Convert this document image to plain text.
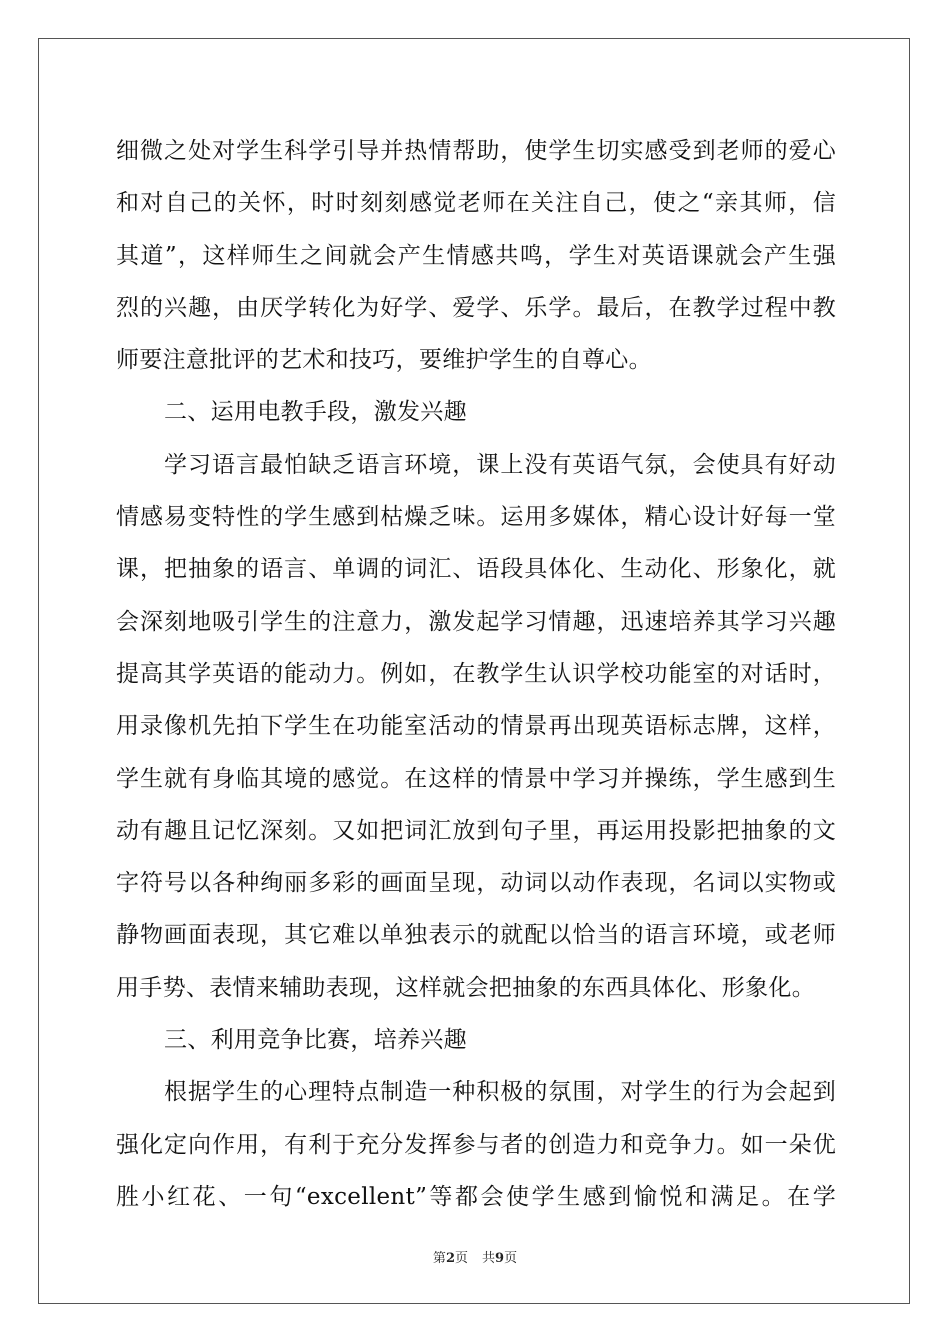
细微之处对学生科学引导并热情帮助，使学生切实感受到老师的爱心
和对自己的关怀，时时刻刻感觉老师在关注自己，使之“亲其师，信
其道”，这样师生之间就会产生情感共鸣，学生对英语课就会产生强
烈的兴趣，由厌学转化为好学、爱学、乐学。最后，在教学过程中教
师要注意批评的艺术和技巧，要维护学生的自尊心。
二、运用电教手段，激发兴趣
学习语言最怕缺乏语言环境，课上没有英语气氛，会使具有好动
情感易变特性的学生感到枯燥乏味。运用多媒体，精心设计好每一堂
课，把抽象的语言、单调的词汇、语段具体化、生动化、形象化，就
会深刻地吸引学生的注意力，激发起学习情趣，迅速培养其学习兴趣
提高其学英语的能动力。例如，在教学生认识学校功能室的对话时，
用录像机先拍下学生在功能室活动的情景再出现英语标志牌，这样，
学生就有身临其境的感觉。在这样的情景中学习并操练，学生感到生
动有趣且记忆深刻。又如把词汇放到句子里，再运用投影把抽象的文
字符号以各种绚丽多彩的画面呈现，动词以动作表现，名词以实物或
静物画面表现，其它难以单独表示的就配以恰当的语言环境，或老师
用手势、表情来辅助表现，这样就会把抽象的东西具体化、形象化。
三、利用竞争比赛，培养兴趣
根据学生的心理特点制造一种积极的氛围，对学生的行为会起到
强化定向作用，有利于充分发挥参与者的创造力和竞争力。如一朵优
胜小红花、一句“excellent”等都会使学生感到愉悦和满足。在学
第2页 共9页
